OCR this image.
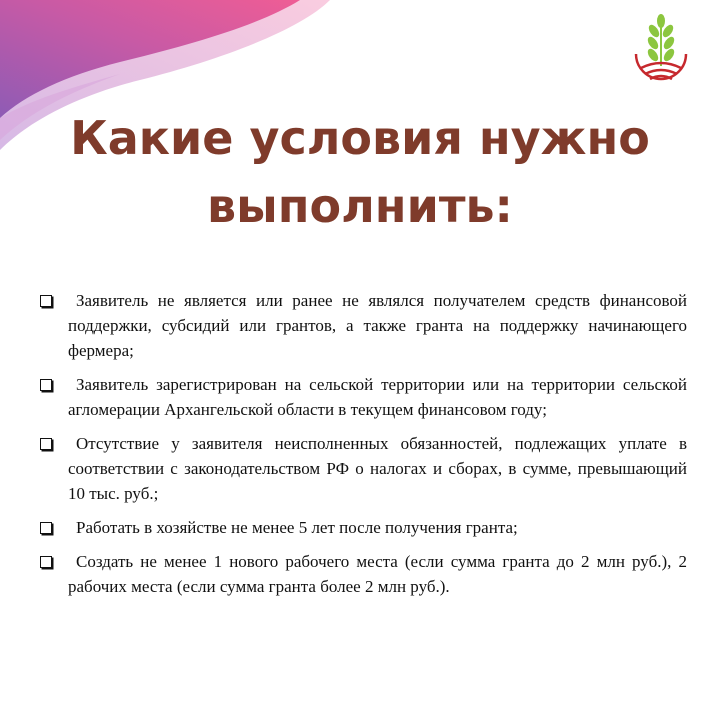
Какие условия нужно
выполнить:
Заявитель не является или ранее не являлся получателем средств финансовой поддержки, субсидий или грантов, а также гранта на поддержку начинающего фермера;
Заявитель зарегистрирован на сельской территории или на территории сельской агломерации Архангельской области в текущем финансовом году;
Отсутствие у заявителя неисполненных обязанностей, подлежащих уплате в соответствии с законодательством РФ о налогах и сборах, в сумме, превышающий 10 тыс. руб.;
Работать в хозяйстве не менее 5 лет после получения гранта;
Создать не менее 1 нового рабочего места (если сумма гранта до 2 млн руб.), 2 рабочих места (если сумма гранта более 2 млн руб.).
